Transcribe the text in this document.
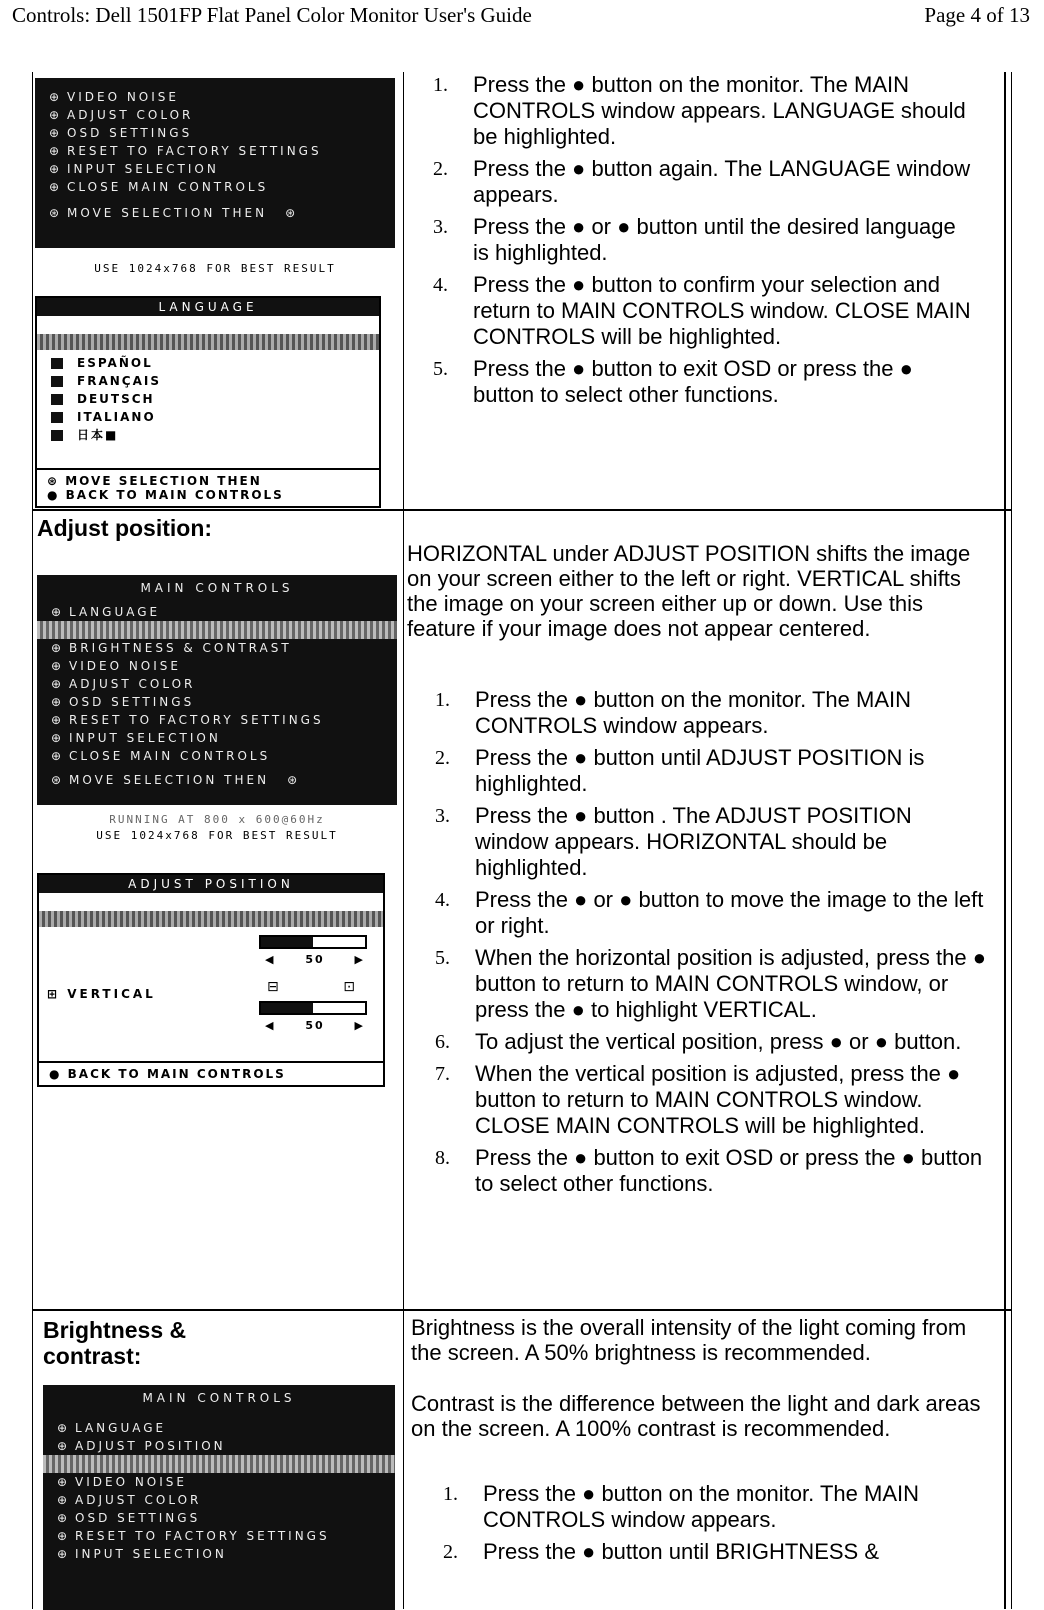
Controls: Dell 1501FP Flat Panel Color Monitor User's Guide	Page 4 of 13
⊕ VIDEO NOISE
⊕ ADJUST COLOR
⊕ OSD SETTINGS
⊕ RESET TO FACTORY SETTINGS
⊕ INPUT SELECTION
⊕ CLOSE MAIN CONTROLS
⊛ MOVE SELECTION THEN ⊛
USE 1024x768 FOR BEST RESULT
LANGUAGE
ESPAÑOL
FRANÇAIS
DEUTSCH
ITALIANO
日本■
⊛ MOVE SELECTION THEN
● BACK TO MAIN CONTROLS
1. Press the ● button on the monitor. The MAIN CONTROLS window appears. LANGUAGE should be highlighted.
2. Press the ● button again. The LANGUAGE window appears.
3. Press the ● or ● button until the desired language is highlighted.
4. Press the ● button to confirm your selection and return to MAIN CONTROLS window. CLOSE MAIN CONTROLS will be highlighted.
5. Press the ● button to exit OSD or press the ● button to select other functions.
Adjust position:
MAIN CONTROLS
⊕ LANGUAGE
⊕ BRIGHTNESS & CONTRAST
⊕ VIDEO NOISE
⊕ ADJUST COLOR
⊕ OSD SETTINGS
⊕ RESET TO FACTORY SETTINGS
⊕ INPUT SELECTION
⊕ CLOSE MAIN CONTROLS
⊛ MOVE SELECTION THEN ⊛
RUNNING AT 800 x 600@60Hz
USE 1024x768 FOR BEST RESULT
ADJUST POSITION
◀	50	▶
⊞ VERTICAL	⊟	⊡
◀	50	▶
● BACK TO MAIN CONTROLS
HORIZONTAL under ADJUST POSITION shifts the image on your screen either to the left or right. VERTICAL shifts the image on your screen either up or down. Use this feature if your image does not appear centered.
1. Press the ● button on the monitor. The MAIN CONTROLS window appears.
2. Press the ● button until ADJUST POSITION is highlighted.
3. Press the ● button . The ADJUST POSITION window appears. HORIZONTAL should be highlighted.
4. Press the ● or ● button to move the image to the left or right.
5. When the horizontal position is adjusted, press the ● button to return to MAIN CONTROLS window, or press the ● to highlight VERTICAL.
6. To adjust the vertical position, press ● or ● button.
7. When the vertical position is adjusted, press the ● button to return to MAIN CONTROLS window. CLOSE MAIN CONTROLS will be highlighted.
8. Press the ● button to exit OSD or press the ● button to select other functions.
Brightness & contrast:
MAIN CONTROLS
⊕ LANGUAGE
⊕ ADJUST POSITION
⊕ VIDEO NOISE
⊕ ADJUST COLOR
⊕ OSD SETTINGS
⊕ RESET TO FACTORY SETTINGS
⊕ INPUT SELECTION
Brightness is the overall intensity of the light coming from the screen. A 50% brightness is recommended.
Contrast is the difference between the light and dark areas on the screen. A 100% contrast is recommended.
1. Press the ● button on the monitor. The MAIN CONTROLS window appears.
2. Press the ● button until BRIGHTNESS &
